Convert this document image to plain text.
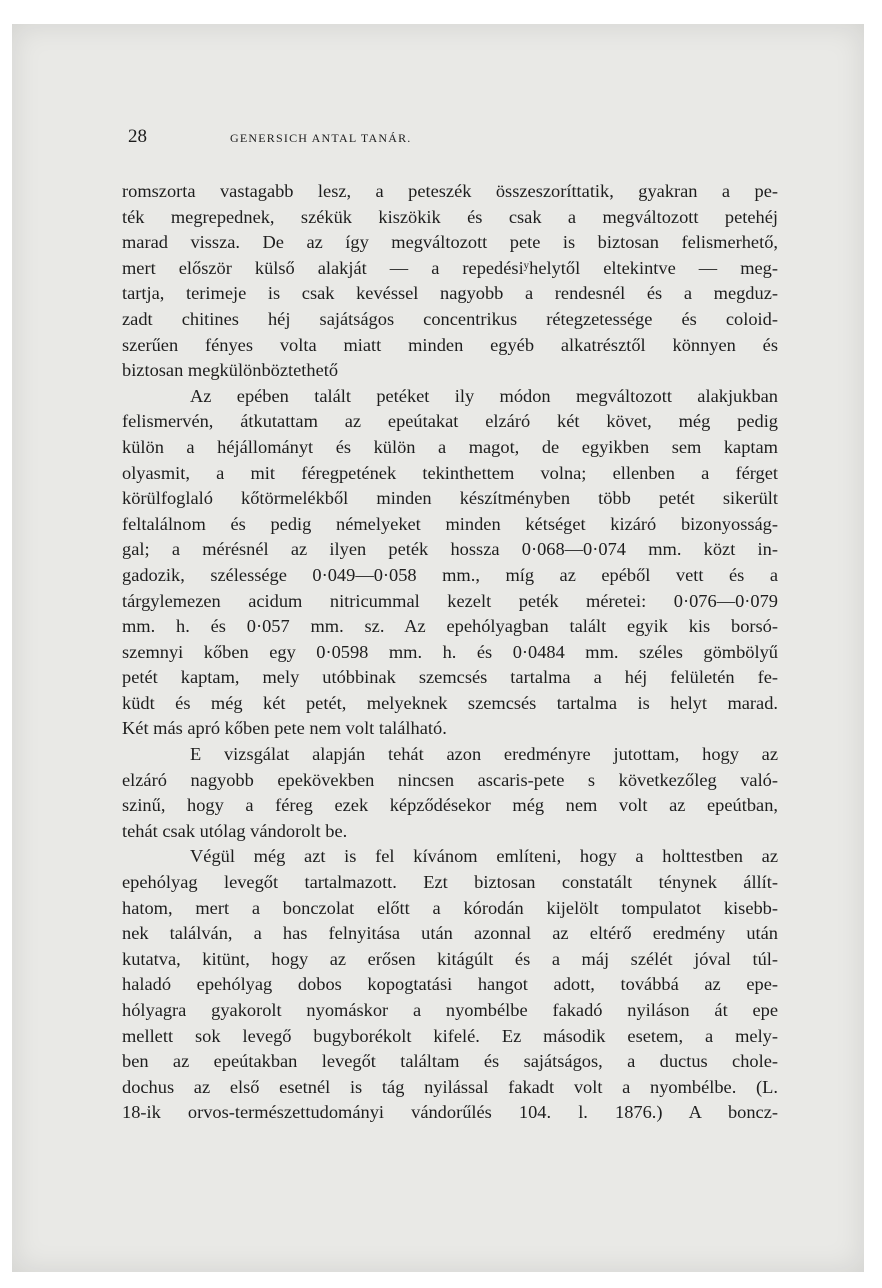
28	GENERSICH ANTAL TANÁR.
romszorta vastagabb lesz, a peteszék összeszoríttatik, gyakran a pe-
ték megrepednek, székük kiszökik és csak a megváltozott petehéj
marad vissza. De az így megváltozott pete is biztosan felismerhető,
mert először külső alakját — a repedésiʸhelytől eltekintve — meg-
tartja, terimeje is csak kevéssel nagyobb a rendesnél és a megduz-
zadt chitines héj sajátságos concentrikus rétegzetessége és coloid-
szerűen fényes volta miatt minden egyéb alkatrésztől könnyen és
biztosan megkülönböztethető
Az epében talált petéket ily módon megváltozott alakjukban
felismervén, átkutattam az epeútakat elzáró két követ, még pedig
külön a héjállományt és külön a magot, de egyikben sem kaptam
olyasmit, a mit féregpetének tekinthettem volna; ellenben a férget
körülfoglaló kőtörmelékből minden készítményben több petét sikerült
feltalálnom és pedig némelyeket minden kétséget kizáró bizonyosság-
gal; a mérésnél az ilyen peték hossza 0·068—0·074 mm. közt in-
gadozik, szélessége 0·049—0·058 mm., míg az epéből vett és a
tárgylemezen acidum nitricummal kezelt peték méretei: 0·076—0·079
mm. h. és 0·057 mm. sz. Az epehólyagban talált egyik kis borsó-
szemnyi kőben egy 0·0598 mm. h. és 0·0484 mm. széles gömbölyű
petét kaptam, mely utóbbinak szemcsés tartalma a héj felületén fe-
küdt és még két petét, melyeknek szemcsés tartalma is helyt marad.
Két más apró kőben pete nem volt található.
E vizsgálat alapján tehát azon eredményre jutottam, hogy az
elzáró nagyobb epekövekben nincsen ascaris-pete s következőleg való-
szinű, hogy a féreg ezek képződésekor még nem volt az epeútban,
tehát csak utólag vándorolt be.
Végül még azt is fel kívánom említeni, hogy a holttestben az
epehólyag levegőt tartalmazott. Ezt biztosan constatált ténynek állít-
hatom, mert a bonczolat előtt a kórodán kijelölt tompulatot kisebb-
nek találván, a has felnyitása után azonnal az eltérő eredmény után
kutatva, kitünt, hogy az erősen kitágúlt és a máj szélét jóval túl-
haladó epehólyag dobos kopogtatási hangot adott, továbbá az epe-
hólyagra gyakorolt nyomáskor a nyombélbe fakadó nyiláson át epe
mellett sok levegő bugyborékolt kifelé. Ez második esetem, a mely-
ben az epeútakban levegőt találtam és sajátságos, a ductus chole-
dochus az első esetnél is tág nyilással fakadt volt a nyombélbe. (L.
18-ik orvos-természettudományi vándorűlés 104. l. 1876.) A boncz-
